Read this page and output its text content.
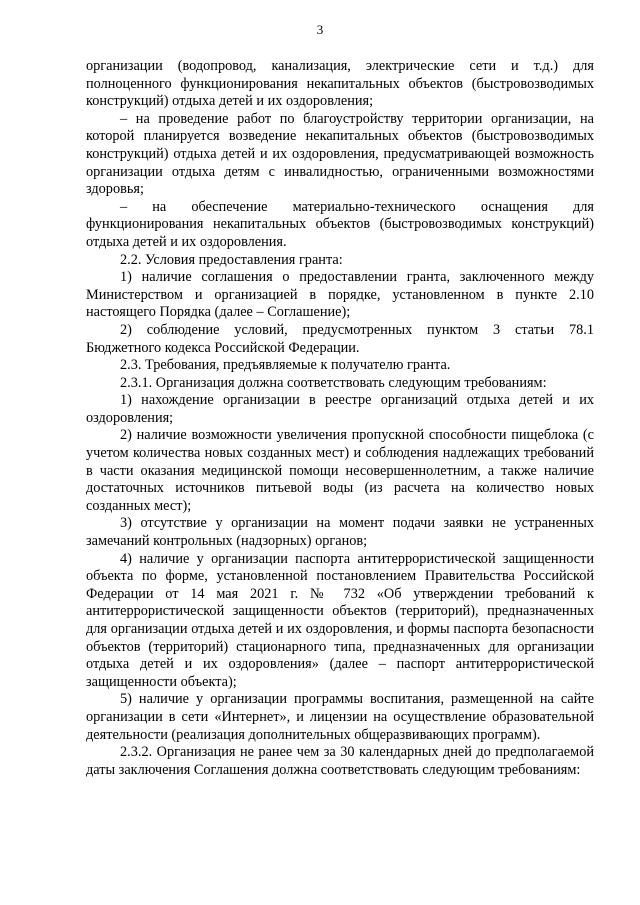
3

организации (водопровод, канализация, электрические сети и т.д.) для полноценного функционирования некапитальных объектов (быстровозводимых конструкций) отдыха детей и их оздоровления;

– на проведение работ по благоустройству территории организации, на которой планируется возведение некапитальных объектов (быстровозводимых конструкций) отдыха детей и их оздоровления, предусматривающей возможность организации отдыха детям с инвалидностью, ограниченными возможностями здоровья;

– на обеспечение материально-технического оснащения для функционирования некапитальных объектов (быстровозводимых конструкций) отдыха детей и их оздоровления.

2.2. Условия предоставления гранта:

1) наличие соглашения о предоставлении гранта, заключенного между Министерством и организацией в порядке, установленном в пункте 2.10 настоящего Порядка (далее – Соглашение);

2) соблюдение условий, предусмотренных пунктом 3 статьи 78.1 Бюджетного кодекса Российской Федерации.

2.3. Требования, предъявляемые к получателю гранта.

2.3.1. Организация должна соответствовать следующим требованиям:

1) нахождение организации в реестре организаций отдыха детей и их оздоровления;

2) наличие возможности увеличения пропускной способности пищеблока (с учетом количества новых созданных мест) и соблюдения надлежащих требований в части оказания медицинской помощи несовершеннолетним, а также наличие достаточных источников питьевой воды (из расчета на количество новых созданных мест);

3) отсутствие у организации на момент подачи заявки не устраненных замечаний контрольных (надзорных) органов;

4) наличие у организации паспорта антитеррористической защищенности объекта по форме, установленной постановлением Правительства Российской Федерации от 14 мая 2021 г. № 732 «Об утверждении требований к антитеррористической защищенности объектов (территорий), предназначенных для организации отдыха детей и их оздоровления, и формы паспорта безопасности объектов (территорий) стационарного типа, предназначенных для организации отдыха детей и их оздоровления» (далее – паспорт антитеррористической защищенности объекта);

5) наличие у организации программы воспитания, размещенной на сайте организации в сети «Интернет», и лицензии на осуществление образовательной деятельности (реализация дополнительных общеразвивающих программ).

2.3.2. Организация не ранее чем за 30 календарных дней до предполагаемой даты заключения Соглашения должна соответствовать следующим требованиям:
